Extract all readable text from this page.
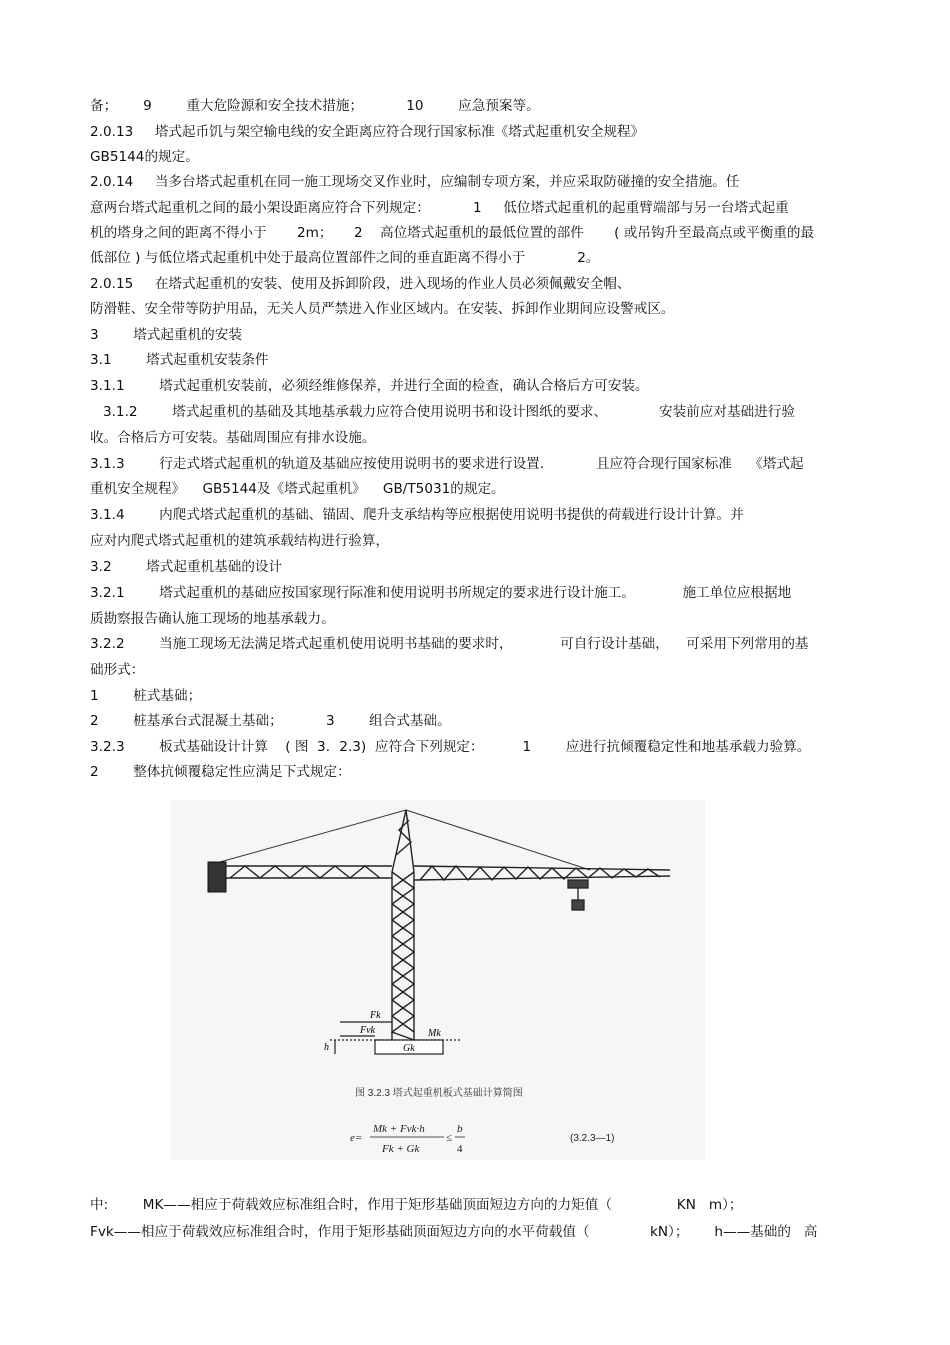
备；      9        重大危险源和安全技术措施；          10        应急预案等。
2.0.13     塔式起币饥与架空输电线的安全距离应符合现行国家标准《塔式起重机安全规程》
GB5144的规定。
2.0.14     当多台塔式起重机在同一施工现场交叉作业时，应编制专项方案，并应采取防碰撞的安全措施。任
意两台塔式起重机之间的最小架设距离应符合下列规定：          1     低位塔式起重机的起重臂端部与另一台塔式起重
机的塔身之间的距离不得小于       2m；     2    高位塔式起重机的最低位置的部件       ( 或吊钩升至最高点或平衡重的最
低部位 ) 与低位塔式起重机中处于最高位置部件之间的垂直距离不得小于            2。
2.0.15     在塔式起重机的安装、使用及拆卸阶段，进入现场的作业人员必须佩戴安全帽、
防滑鞋、安全带等防护用品，无关人员严禁进入作业区域内。在安装、拆卸作业期间应设警戒区。
3        塔式起重机的安装
3.1        塔式起重机安装条件
3.1.1        塔式起重机安装前，必须经维修保养，并进行全面的检查，确认合格后方可安装。
3.1.2        塔式起重机的基础及其地基承载力应符合使用说明书和设计图纸的要求、            安装前应对基础进行验
收。合格后方可安装。基础周围应有排水设施。
3.1.3        行走式塔式起重机的轨道及基础应按使用说明书的要求进行设置.            且应符合现行国家标准    《塔式起
重机安全规程》    GB5144及《塔式起重机》    GB/T5031的规定。
3.1.4        内爬式塔式起重机的基础、锚固、爬升支承结构等应根据使用说明书提供的荷载进行设计计算。并
应对内爬式塔式起重机的建筑承载结构进行验算，
3.2        塔式起重机基础的设计
3.2.1        塔式起重机的基础应按国家现行际准和使用说明书所规定的要求进行设计施工。           施工单位应根据地
质勘察报告确认施工现场的地基承载力。
3.2.2        当施工现场无法满足塔式起重机使用说明书基础的要求时，           可自行设计基础，    可采用下列常用的基
础形式：
1        桩式基础；
2        桩基承台式混凝土基础；          3        组合式基础。
3.2.3        板式基础设计计算    ( 图  3．2.3)  应符合下列规定：         1        应进行抗倾覆稳定性和地基承载力验算。
2        整体抗倾覆稳定性应满足下式规定：
Fk
Fvk	Mk
Gk
h
图 3.2.3 塔式起重机板式基础计算简图
e=
Mk + Fvk·h
Fk + Gk
≤
b
4
(3.2.3—1)
中:        MK——相应于荷载效应标准组合时，作用于矩形基础顶面短边方向的力矩值（               KN   m）；
Fvk——相应于荷载效应标准组合时，作用于矩形基础顶面短边方向的水平荷载值（              kN）；      h——基础的   高
